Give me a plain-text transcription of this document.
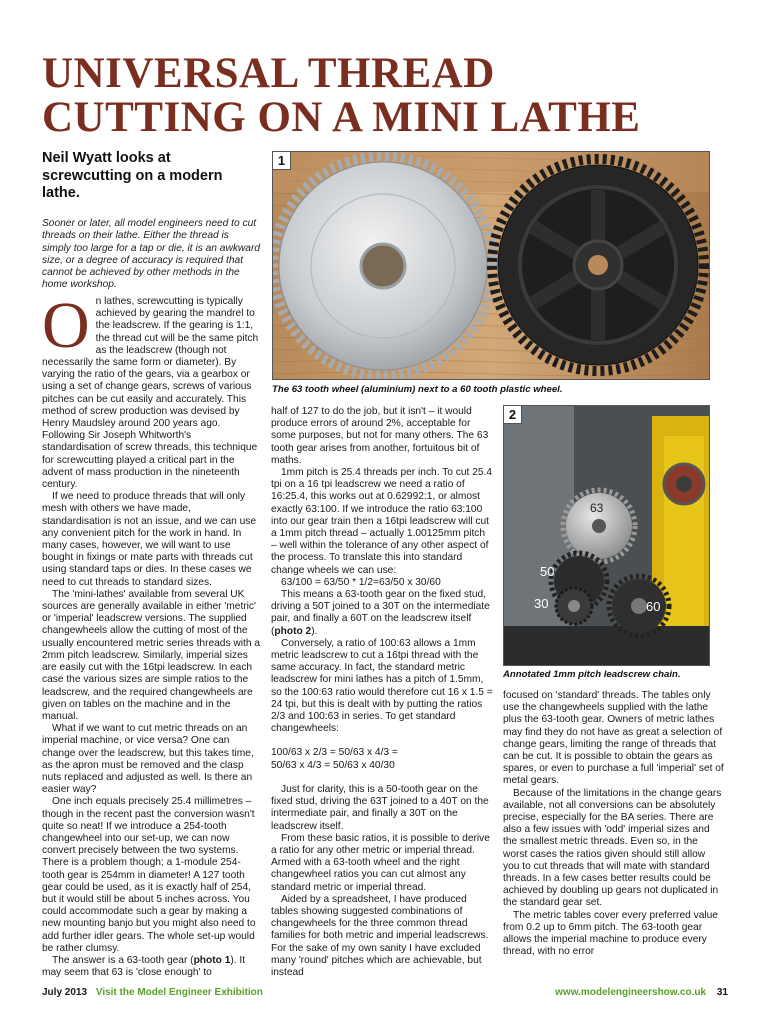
UNIVERSAL THREAD
CUTTING ON A MINI LATHE
Neil Wyatt looks at screwcutting on a modern lathe.
Sooner or later, all model engineers need to cut threads on their lathe. Either the thread is simply too large for a tap or die, it is an awkward size, or a degree of accuracy is required that cannot be achieved by other methods in the home workshop.
1
The 63 tooth wheel (aluminium) next to a 60 tooth plastic wheel.
63
50
30	60
2
Annotated 1mm pitch leadscrew chain.

On lathes, screwcutting is typically achieved by gearing the mandrel to the leadscrew. If the gearing is 1:1, the thread cut will be the same pitch as the leadscrew (though not necessarily the same form or diameter). By varying the ratio of the gears, via a gearbox or using a set of change gears, screws of various pitches can be cut easily and accurately. This method of screw production was devised by Henry Maudsley around 200 years ago. Following Sir Joseph Whitworth's standardisation of screw threads, this technique for screwcutting played a critical part in the advent of mass production in the nineteenth century.

If we need to produce threads that will only mesh with others we have made, standardisation is not an issue, and we can use any convenient pitch for the work in hand. In many cases, however, we will want to use bought in fixings or mate parts with threads cut using standard taps or dies. In these cases we need to cut threads to standard sizes.

The 'mini-lathes' available from several UK sources are generally available in either 'metric' or 'imperial' leadscrew versions. The supplied changewheels allow the cutting of most of the usually encountered metric series threads with a 2mm pitch leadscrew. Similarly, imperial sizes are easily cut with the 16tpi leadscrew. In each case the various sizes are simple ratios to the leadscrew, and the required changewheels are given on tables on the machine and in the manual.

What if we want to cut metric threads on an imperial machine, or vice versa? One can change over the leadscrew, but this takes time, as the apron must be removed and the clasp nuts replaced and adjusted as well. Is there an easier way?

One inch equals precisely 25.4 millimetres – though in the recent past the conversion wasn't quite so neat! If we introduce a 254-tooth changewheel into our set-up, we can now convert precisely between the two systems. There is a problem though; a 1-module 254-tooth gear is 254mm in diameter! A 127 tooth gear could be used, as it is exactly half of 254, but it would still be about 5 inches across. You could accommodate such a gear by making a new mounting banjo but you might also need to add further idler gears. The whole set-up would be rather clumsy.

The answer is a 63-tooth gear (photo 1). It may seem that 63 is 'close enough' to

half of 127 to do the job, but it isn't – it would produce errors of around 2%, acceptable for some purposes, but not for many others. The 63 tooth gear arises from another, fortuitous bit of maths.

1mm pitch is 25.4 threads per inch. To cut 25.4 tpi on a 16 tpi leadscrew we need a ratio of 16:25.4, this works out at 0.62992:1, or almost exactly 63:100. If we introduce the ratio 63:100 into our gear train then a 16tpi leadscrew will cut a 1mm pitch thread – actually 1.00125mm pitch – well within the tolerance of any other aspect of the process. To translate this into standard change wheels we can use:

63/100 = 63/50 * 1/2=63/50 x 30/60

This means a 63-tooth gear on the fixed stud, driving a 50T joined to a 30T on the intermediate pair, and finally a 60T on the leadscrew itself (photo 2).

Conversely, a ratio of 100:63 allows a 1mm metric leadscrew to cut a 16tpi thread with the same accuracy. In fact, the standard metric leadscrew for mini lathes has a pitch of 1.5mm, so the 100:63 ratio would therefore cut 16 x 1.5 = 24 tpi, but this is dealt with by putting the ratios 2/3 and 100:63 in series. To get standard changewheels:

100/63 x 2/3 = 50/63 x 4/3 =

50/63 x 4/3 = 50/63 x 40/30

Just for clarity, this is a 50-tooth gear on the fixed stud, driving the 63T joined to a 40T on the intermediate pair, and finally a 30T on the leadscrew itself.

From these basic ratios, it is possible to derive a ratio for any other metric or imperial thread. Armed with a 63-tooth wheel and the right changewheel ratios you can cut almost any standard metric or imperial thread.

Aided by a spreadsheet, I have produced tables showing suggested combinations of changewheels for the three common thread families for both metric and imperial leadscrews. For the sake of my own sanity I have excluded many 'round' pitches which are achievable, but instead

focused on 'standard' threads. The tables only use the changewheels supplied with the lathe plus the 63-tooth gear. Owners of metric lathes may find they do not have as great a selection of change gears, limiting the range of threads that can be cut. It is possible to obtain the gears as spares, or even to purchase a full 'imperial' set of metal gears.

Because of the limitations in the change gears available, not all conversions can be absolutely precise, especially for the BA series. There are also a few issues with 'odd' imperial sizes and the smallest metric threads. Even so, in the worst cases the ratios given should still allow you to cut threads that will mate with standard threads. In a few cases better results could be achieved by doubling up gears not duplicated in the standard gear set.

The metric tables cover every preferred value from 0.2 up to 6mm pitch. The 63-tooth gear allows the imperial machine to produce every thread, with no error

July 2013 Visit the Model Engineer Exhibition	www.modelengineershow.co.uk 31
